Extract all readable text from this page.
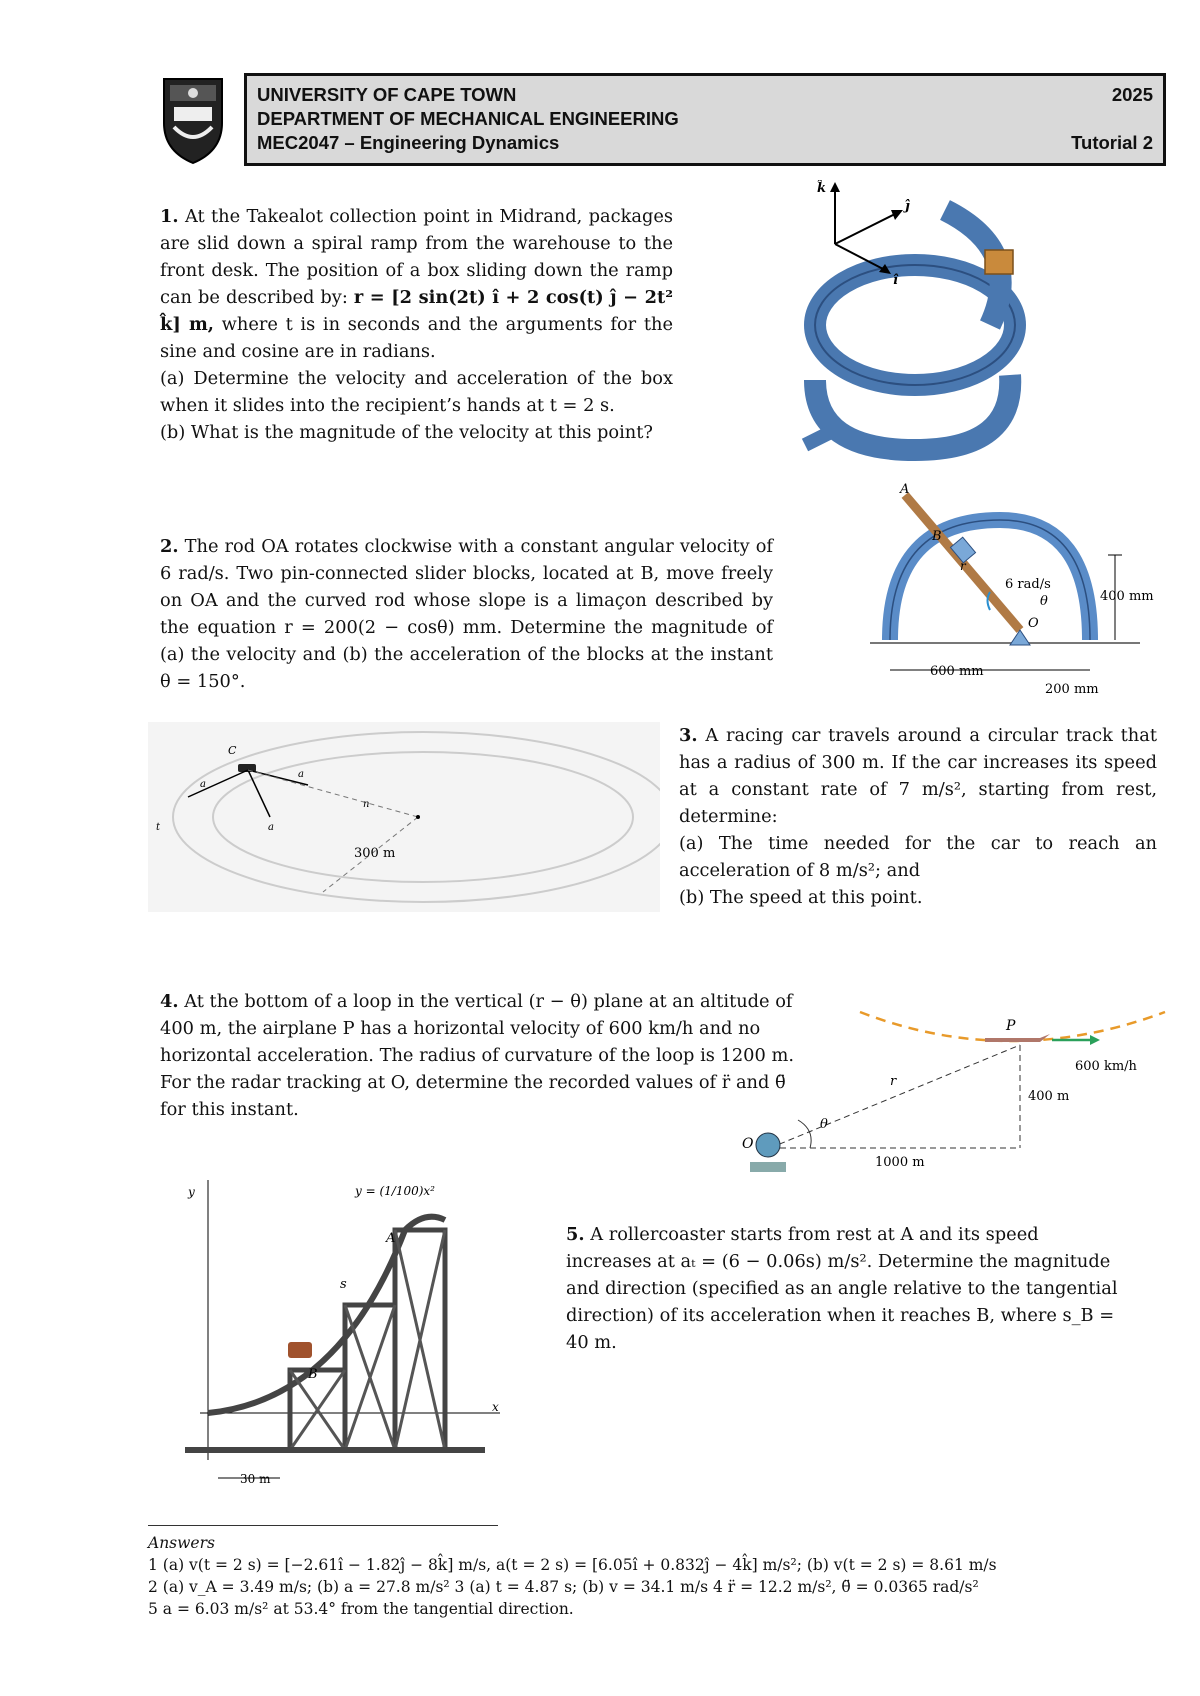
UNIVERSITY OF CAPE TOWN	2025
DEPARTMENT OF MECHANICAL ENGINEERING
MEC2047 – Engineering Dynamics	Tutorial 2
1. At the Takealot collection point in Midrand, packages are slid down a spiral ramp from the warehouse to the front desk. The position of a box sliding down the ramp can be described by: r = [2 sin(2t) î + 2 cos(t) ĵ − 2t² k̂] m, where t is in seconds and the arguments for the sine and cosine are in radians.
(a) Determine the velocity and acceleration of the box when it slides into the recipient’s hands at t = 2 s.
(b) What is the magnitude of the velocity at this point?
k̂
ĵ
î
2. The rod OA rotates clockwise with a constant angular velocity of 6 rad/s. Two pin-connected slider blocks, located at B, move freely on OA and the curved rod whose slope is a limaçon described by the equation r = 200(2 − cosθ) mm. Determine the magnitude of (a) the velocity and (b) the acceleration of the blocks at the instant θ = 150°.
A
B
r
6 rad/s
θ
O
400 mm
600 mm
200 mm
C
a
a
a
n
t
300 m
3. A racing car travels around a circular track that has a radius of 300 m. If the car increases its speed at a constant rate of 7 m/s², starting from rest, determine:
(a) The time needed for the car to reach an acceleration of 8 m/s²; and
(b) The speed at this point.
4. At the bottom of a loop in the vertical (r − θ) plane at an altitude of 400 m, the airplane P has a horizontal velocity of 600 km/h and no horizontal acceleration. The radius of curvature of the loop is 1200 m. For the radar tracking at O, determine the recorded values of r̈ and θ̈ for this instant.
P
600 km/h
400 m
r
θ
O
1000 m
y
x
y = (1/100)x²
A
B
s
30 m
5. A rollercoaster starts from rest at A and its speed increases at aₜ = (6 − 0.06s) m/s². Determine the magnitude and direction (specified as an angle relative to the tangential direction) of its acceleration when it reaches B, where s_B = 40 m.
Answers
1 (a) v(t = 2 s) = [−2.61î − 1.82ĵ − 8k̂] m/s, a(t = 2 s) = [6.05î + 0.832ĵ − 4k̂] m/s²; (b) v(t = 2 s) = 8.61 m/s
2 (a) v_A = 3.49 m/s; (b) a = 27.8 m/s² 3 (a) t = 4.87 s; (b) v = 34.1 m/s 4 r̈ = 12.2 m/s², θ̈ = 0.0365 rad/s²
5 a = 6.03 m/s² at 53.4° from the tangential direction.
